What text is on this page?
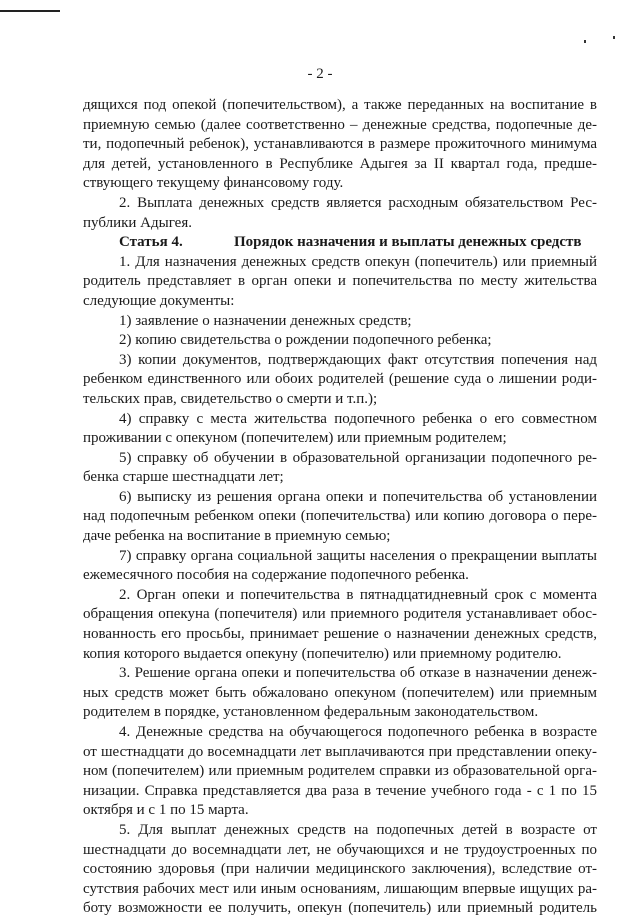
- 2 -
дящихся под опекой (попечительством), а также переданных на воспитание в
приемную семью (далее соответственно – денежные средства, подопечные де-
ти, подопечный ребенок), устанавливаются в размере прожиточного минимума
для детей, установленного в Республике Адыгея за II квартал года, предше-
ствующего текущему финансовому году.
2. Выплата денежных средств является расходным обязательством Рес-
публики Адыгея.
Статья 4.	Порядок назначения и выплаты денежных средств
1. Для назначения денежных средств опекун (попечитель) или приемный
родитель представляет в орган опеки и попечительства по месту жительства
следующие документы:
1) заявление о назначении денежных средств;
2) копию свидетельства о рождении подопечного ребенка;
3) копии документов, подтверждающих факт отсутствия попечения над
ребенком единственного или обоих родителей (решение суда о лишении роди-
тельских прав, свидетельство о смерти и т.п.);
4) справку с места жительства подопечного ребенка о его совместном
проживании с опекуном (попечителем) или приемным родителем;
5) справку об обучении в образовательной организации подопечного ре-
бенка старше шестнадцати лет;
6) выписку из решения органа опеки и попечительства об установлении
над подопечным ребенком опеки (попечительства) или копию договора о пере-
даче ребенка на воспитание в приемную семью;
7) справку органа социальной защиты населения о прекращении выплаты
ежемесячного пособия на содержание подопечного ребенка.
2. Орган опеки и попечительства в пятнадцатидневный срок с момента
обращения опекуна (попечителя) или приемного родителя устанавливает обос-
нованность его просьбы, принимает решение о назначении денежных средств,
копия которого выдается опекуну (попечителю) или приемному родителю.
3. Решение органа опеки и попечительства об отказе в назначении денеж-
ных средств может быть обжаловано опекуном (попечителем) или приемным
родителем в порядке, установленном федеральным законодательством.
4. Денежные средства на обучающегося подопечного ребенка в возрасте
от шестнадцати до восемнадцати лет выплачиваются при представлении опеку-
ном (попечителем) или приемным родителем справки из образовательной орга-
низации. Справка представляется два раза в течение учебного года - с 1 по 15
октября и с 1 по 15 марта.
5. Для выплат денежных средств на подопечных детей в возрасте от
шестнадцати до восемнадцати лет, не обучающихся и не трудоустроенных по
состоянию здоровья (при наличии медицинского заключения), вследствие от-
сутствия рабочих мест или иным основаниям, лишающим впервые ищущих ра-
боту возможности ее получить, опекун (попечитель) или приемный родитель
